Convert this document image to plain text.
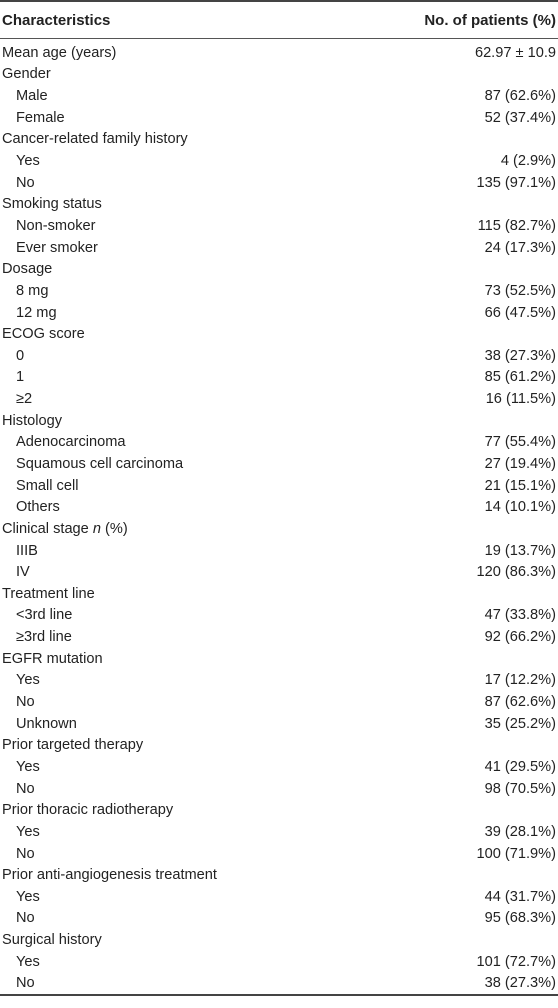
Characteristics	No. of patients (%)
Mean age (years)	62.97 ± 10.9
Gender
Male	87 (62.6%)
Female	52 (37.4%)
Cancer-related family history
Yes	4 (2.9%)
No	135 (97.1%)
Smoking status
Non-smoker	115 (82.7%)
Ever smoker	24 (17.3%)
Dosage
8 mg	73 (52.5%)
12 mg	66 (47.5%)
ECOG score
0	38 (27.3%)
1	85 (61.2%)
≥2	16 (11.5%)
Histology
Adenocarcinoma	77 (55.4%)
Squamous cell carcinoma	27 (19.4%)
Small cell	21 (15.1%)
Others	14 (10.1%)
Clinical stage n (%)
IIIB	19 (13.7%)
IV	120 (86.3%)
Treatment line
<3rd line	47 (33.8%)
≥3rd line	92 (66.2%)
EGFR mutation
Yes	17 (12.2%)
No	87 (62.6%)
Unknown	35 (25.2%)
Prior targeted therapy
Yes	41 (29.5%)
No	98 (70.5%)
Prior thoracic radiotherapy
Yes	39 (28.1%)
No	100 (71.9%)
Prior anti-angiogenesis treatment
Yes	44 (31.7%)
No	95 (68.3%)
Surgical history
Yes	101 (72.7%)
No	38 (27.3%)
